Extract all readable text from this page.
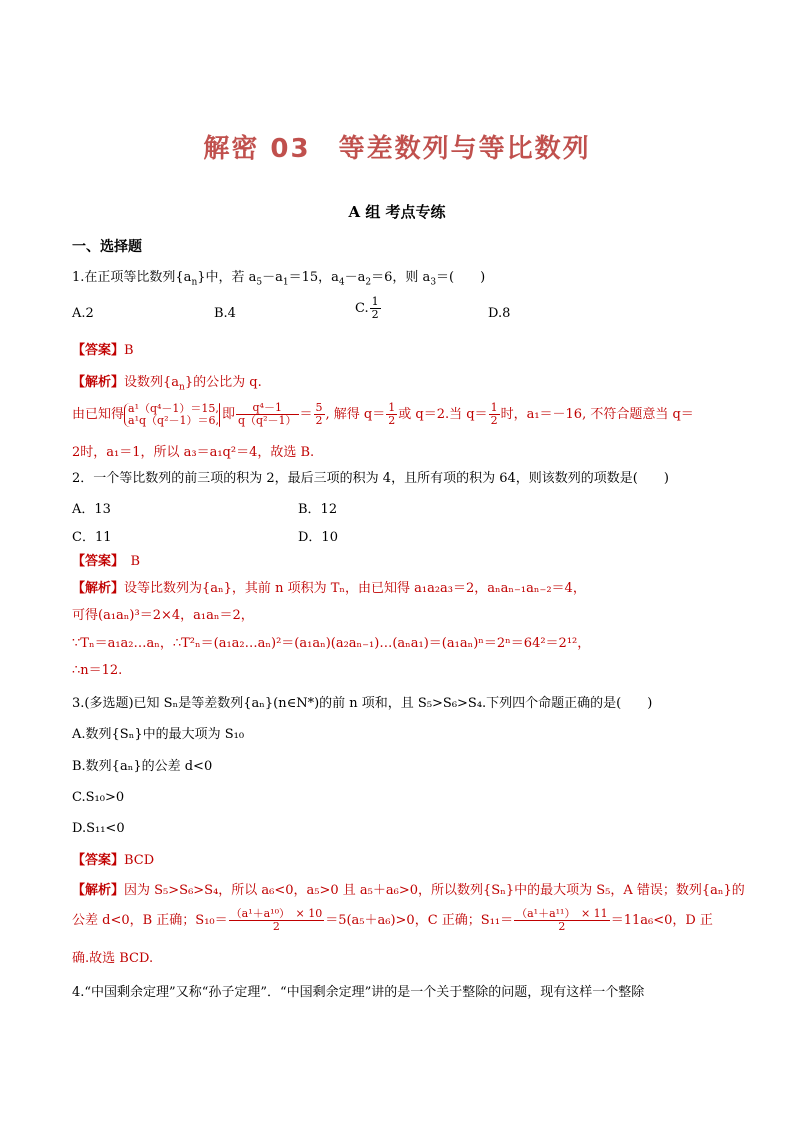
解密 03　等差数列与等比数列
A 组 考点专练
一、选择题
1.在正项等比数列$\{a_n\}$中，若 $a_5-a_1=15$，$a_4-a_2=6$，则 $a_3=$(　　)
A.2	B.4	C. $\frac{1}{2}$	D.8
【答案】B
【解析】设数列$\{a_n\}$的公比为 q.
由已知得 a¹（q⁴－1）＝15,
a¹q（q²－1）＝6, 即 $\frac{\text{q⁴－1}}{\text{q（q²－1）}} = \frac{5}{2}$ , 解得 $q= \frac{1}{2}$ 或 q＝2.当 $q= \frac{1}{2}$ 时，a₁＝－16, 不符合题意当 q＝
2时，a₁＝1，所以 a₃＝a₁q²＝4，故选 B.
2．一个等比数列的前三项的积为 2，最后三项的积为 4，且所有项的积为 64，则该数列的项数是(　　)
A．13	B．12
C．11	D．10
【答案】　B
【解析】设等比数列为{aₙ}，其前 n 项积为 Tₙ，由已知得 a₁a₂a₃＝2，aₙaₙ₋₁aₙ₋₂＝4，
可得(a₁aₙ)³＝2×4，a₁aₙ＝2，
∵Tₙ＝a₁a₂…aₙ，∴T²ₙ＝(a₁a₂…aₙ)²＝(a₁aₙ)(a₂aₙ₋₁)…(aₙa₁)＝(a₁aₙ)ⁿ＝2ⁿ＝64²＝2¹²，
∴n＝12.
3.(多选题)已知 Sₙ是等差数列{aₙ}(n∈N*)的前 n 项和，且 S₅>S₆>S₄.下列四个命题正确的是(　　)
A.数列{Sₙ}中的最大项为 S₁₀
B.数列{aₙ}的公差 d<0
C.S₁₀>0
D.S₁₁<0
【答案】BCD
【解析】因为 S₅>S₆>S₄，所以 a₆<0，a₅>0 且 a₅＋a₆>0，所以数列{Sₙ}中的最大项为 S₅，A 错误；数列{aₙ}的
公差 d<0，B 正确；$S_{10}= \frac{\text{（a¹＋a¹⁰）　× 10}}{2} =5(a_5+a_6)>0$，C 正确；$S_{11}= \frac{\text{（a¹＋a¹¹）　× 11}}{2} =11a_6<0$，D 正
确.故选 BCD.
4.“中国剩余定理”又称“孙子定理”．“中国剩余定理”讲的是一个关于整除的问题，现有这样一个整除
